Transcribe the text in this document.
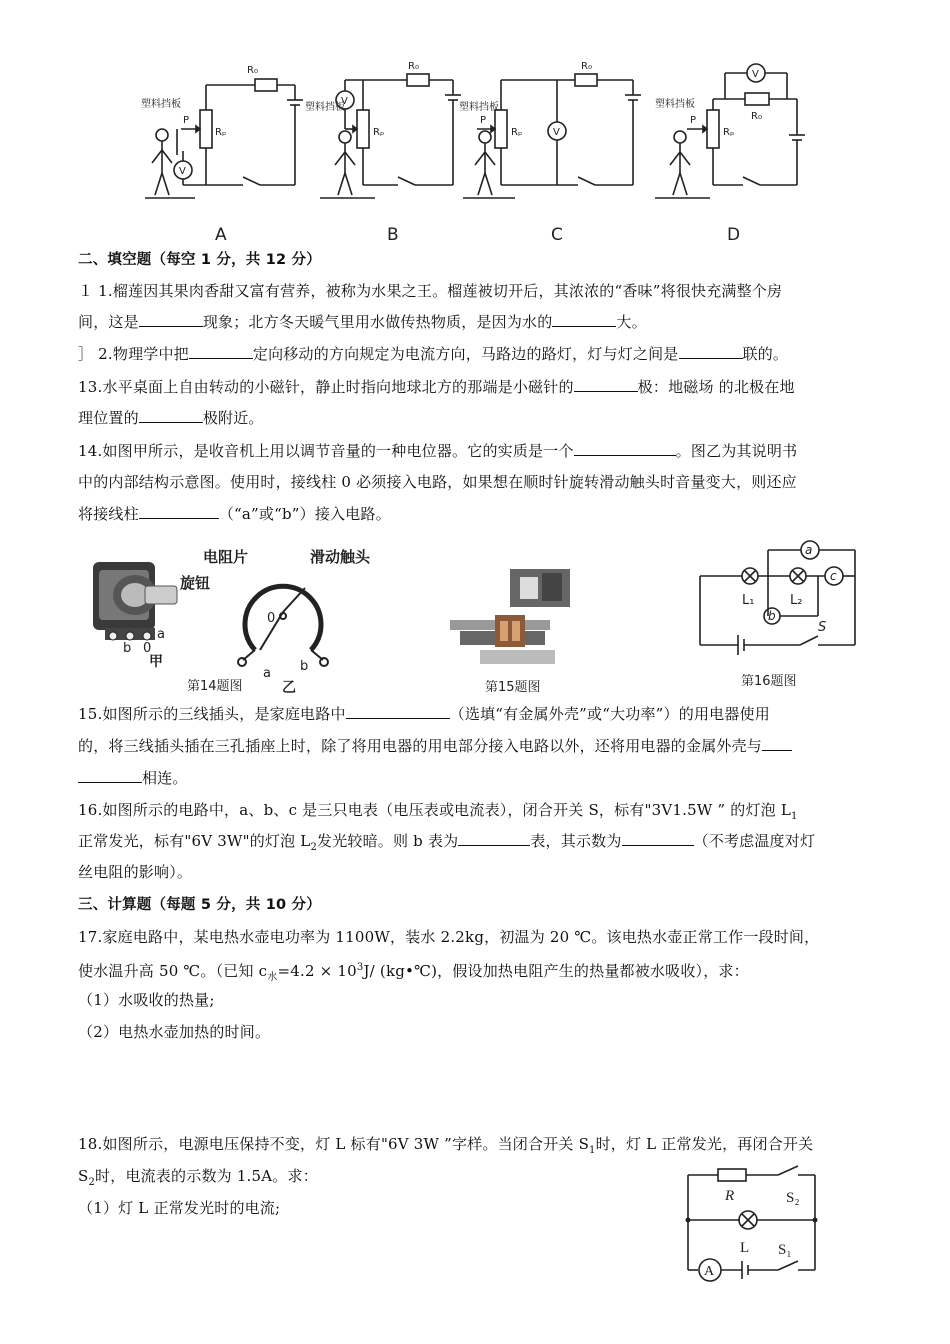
塑料挡板
P
R₀
Rₚ
V
塑料挡板
R₀
Rₚ
V
塑料挡板
P
R₀
Rₚ	V
塑料挡板
P	R₀
Rₚ
V
A	B	C	D
二、填空题（每空 1 分，共 12 分）
１ 1.榴莲因其果肉香甜又富有营养，被称为水果之王。榴莲被切开后，其浓浓的“香味”将很快充满整个房
间，这是	现象；北方冬天暖气里用水做传热物质，是因为水的	大。
］ 2.物理学中把	定向移动的方向规定为电流方向，马路边的路灯，灯与灯之间是	联的。
13.水平桌面上自由转动的小磁针，静止时指向地球北方的那端是小磁针的	极：地磁场 的北极在地
理位置的	极附近。
14.如图甲所示，是收音机上用以调节音量的一种电位器。它的实质是一个	。图乙为其说明书
中的内部结构示意图。使用时，接线柱 0 必须接入电路，如果想在顺时针旋转滑动触头时音量变大，则还应
将接线柱	（“a”或“b”）接入电路。
旋钮
a
b 0
甲
电阻片	滑动触头
0
a b
乙
第14题图	第15题图
a
b
c
L₁	L₂
S
第16题图
15.如图所示的三线插头，是家庭电路中	（选填“有金属外壳”或“大功率”）的用电器使用
的，将三线插头插在三孔插座上时，除了将用电器的用电部分接入电路以外，还将用电器的金属外壳与
相连。
16.如图所示的电路中，a、b、c 是三只电表（电压表或电流表），闭合开关 S，标有"3V1.5W ” 的灯泡 $L_1$
正常发光，标有"6V 3W"的灯泡 $L_2$发光较暗。则 b 表为	表，其示数为	（不考虑温度对灯
丝电阻的影响）。
三、计算题（每题 5 分，共 10 分）
17.家庭电路中，某电热水壶电功率为 1100W，装水 2.2kg，初温为 20 ℃。该电热水壶正常工作一段时间，
使水温升高 50 ℃。（已知 $c_水=4.2 \times 10^3J/$ (kg•℃)，假设加热电阻产生的热量都被水吸收），求：
（1）水吸收的热量;
（2）电热水壶加热的时间。
18.如图所示，电源电压保持不变，灯 L 标有"6V 3W ”字样。当闭合开关 $S_1$时，灯 L 正常发光，再闭合开关
$S_2$时，电流表的示数为 1.5A。求：
（1）灯 L 正常发光时的电流;
R	S₂
L S₁
A
